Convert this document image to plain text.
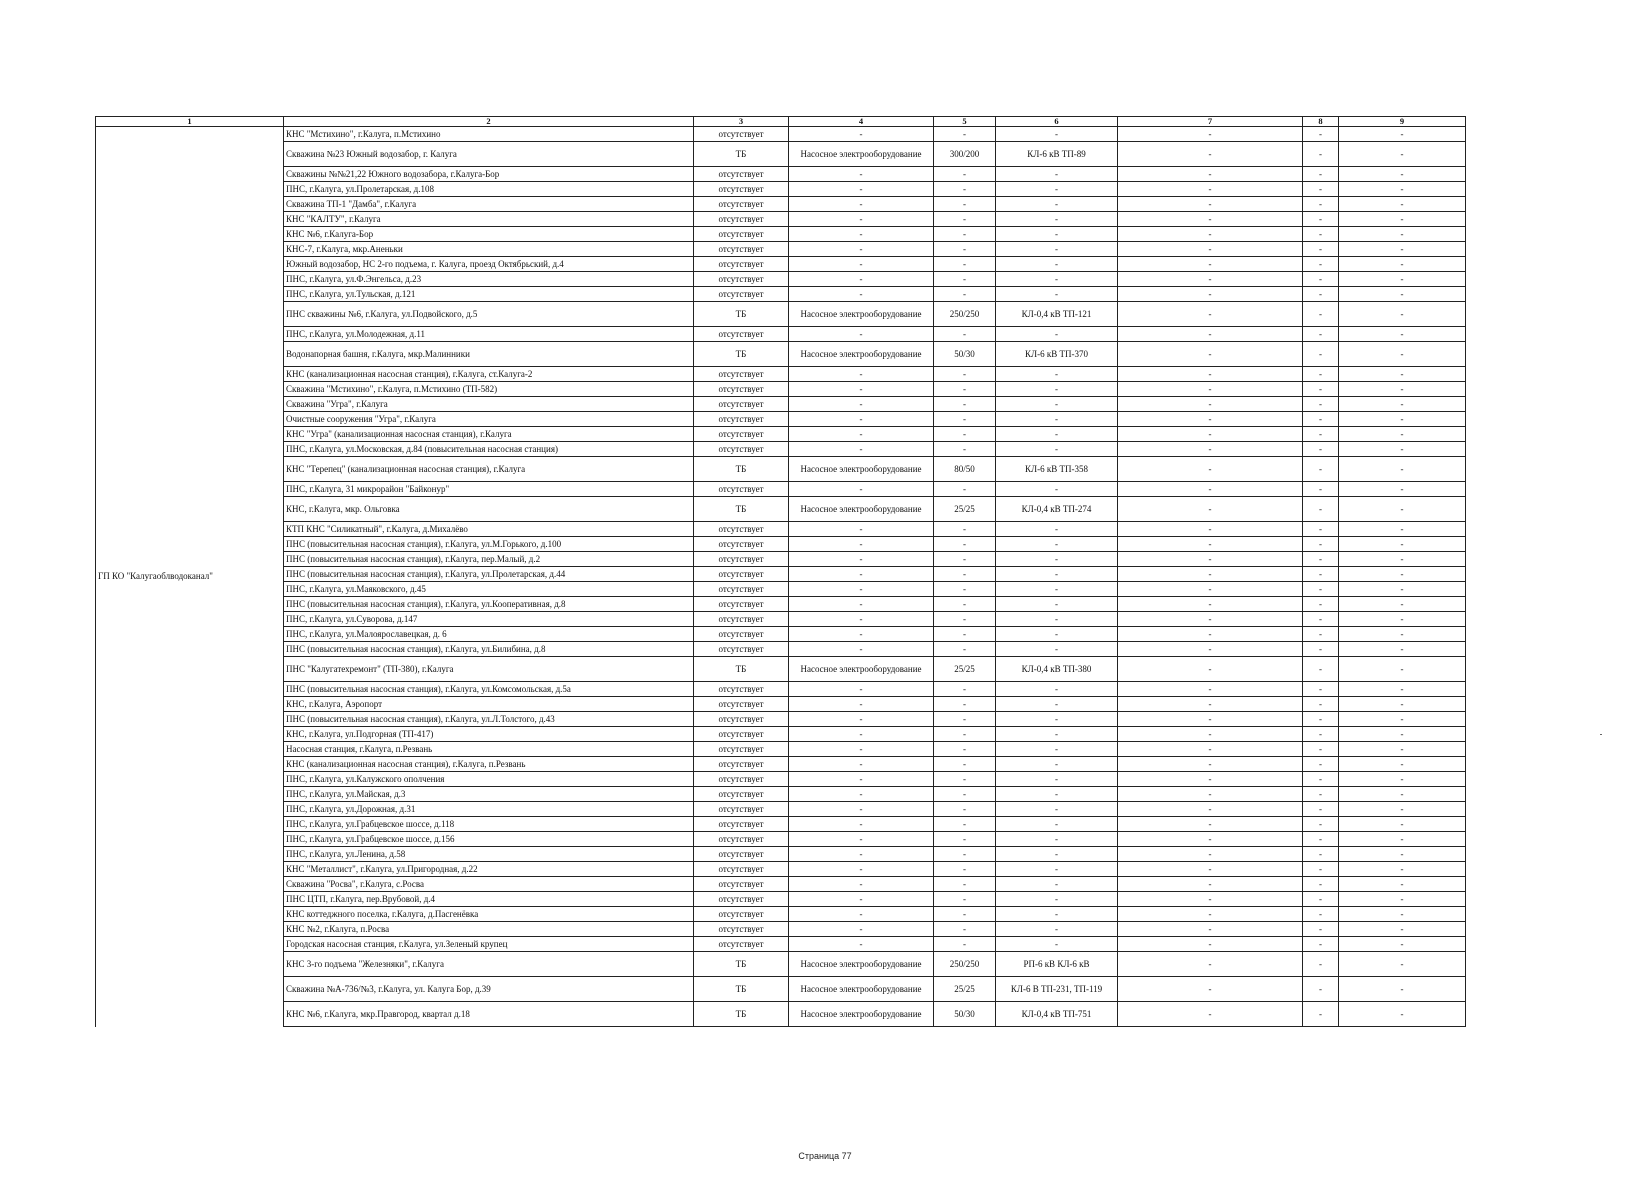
1	2	3	4	5	6	7	8	9
ГП КО "Калугаоблводоканал"	КНС "Мстихино", г.Калуга, п.Мстихино	отсутствует	-	-	-	-	-	-
	Скважина №23 Южный водозабор, г. Калуга	ТБ	Насосное электрооборудование	300/200	КЛ-6 кВ ТП-89	-	-	-
	Скважины №№21,22 Южного водозабора, г.Калуга-Бор	отсутствует	-	-	-	-	-	-
	ПНС, г.Калуга, ул.Пролетарская, д.108	отсутствует	-	-	-	-	-	-
	Скважина ТП-1 "Дамба", г.Калуга	отсутствует	-	-	-	-	-	-
	КНС "КАЛТУ", г.Калуга	отсутствует	-	-	-	-	-	-
	КНС №6, г.Калуга-Бор	отсутствует	-	-	-	-	-	-
	КНС-7, г.Калуга, мкр.Аненьки	отсутствует	-	-	-	-	-	-
	Южный водозабор, НС 2-го подъема, г. Калуга, проезд Октябрьский, д.4	отсутствует	-	-	-	-	-	-
	ПНС, г.Калуга, ул.Ф.Энгельса, д.23	отсутствует	-	-	-	-	-	-
	ПНС, г.Калуга, ул.Тульская, д.121	отсутствует	-	-	-	-	-	-
	ПНС скважины №6, г.Калуга, ул.Подвойского, д.5	ТБ	Насосное электрооборудование	250/250	КЛ-0,4 кВ ТП-121	-	-	-
	ПНС, г.Калуга, ул.Молодежная, д.11	отсутствует	-	-	-	-	-	-
	Водонапорная башня, г.Калуга, мкр.Малинники	ТБ	Насосное электрооборудование	50/30	КЛ-6 кВ ТП-370	-	-	-
	КНС (канализационная насосная станция), г.Калуга, ст.Калуга-2	отсутствует	-	-	-	-	-	-
	Скважина "Мстихино", г.Калуга, п.Мстихино (ТП-582)	отсутствует	-	-	-	-	-	-
	Скважина "Угра", г.Калуга	отсутствует	-	-	-	-	-	-
	Очистные сооружения "Угра", г.Калуга	отсутствует	-	-	-	-	-	-
	КНС "Угра" (канализационная насосная станция), г.Калуга	отсутствует	-	-	-	-	-	-
	ПНС, г.Калуга, ул.Московская, д.84 (повысительная насосная станция)	отсутствует	-	-	-	-	-	-
	КНС "Терепец" (канализационная насосная станция), г.Калуга	ТБ	Насосное электрооборудование	80/50	КЛ-6 кВ ТП-358	-	-	-
	ПНС, г.Калуга, 31 микрорайон "Байконур"	отсутствует	-	-	-	-	-	-
	КНС, г.Калуга, мкр. Ольговка	ТБ	Насосное электрооборудование	25/25	КЛ-0,4 кВ ТП-274	-	-	-
	КТП КНС "Силикатный", г.Калуга, д.Михалёво	отсутствует	-	-	-	-	-	-
	ПНС (повысительная насосная станция), г.Калуга, ул.М.Горького, д.100	отсутствует	-	-	-	-	-	-
	ПНС (повысительная насосная станция), г.Калуга, пер.Малый, д.2	отсутствует	-	-	-	-	-	-
	ПНС (повысительная насосная станция), г.Калуга, ул.Пролетарская, д.44	отсутствует	-	-	-	-	-	-
	ПНС, г.Калуга, ул.Маяковского, д.45	отсутствует	-	-	-	-	-	-
	ПНС (повысительная насосная станция), г.Калуга, ул.Кооперативная, д.8	отсутствует	-	-	-	-	-	-
	ПНС, г.Калуга, ул.Суворова, д.147	отсутствует	-	-	-	-	-	-
	ПНС, г.Калуга, ул.Малоярославецкая, д. 6	отсутствует	-	-	-	-	-	-
	ПНС (повысительная насосная станция), г.Калуга, ул.Билибина, д.8	отсутствует	-	-	-	-	-	-
	ПНС "Калугатехремонт" (ТП-380), г.Калуга	ТБ	Насосное электрооборудование	25/25	КЛ-0,4 кВ ТП-380	-	-	-
	ПНС (повысительная насосная станция), г.Калуга, ул.Комсомольская, д.5а	отсутствует	-	-	-	-	-	-
	КНС, г.Калуга, Аэропорт	отсутствует	-	-	-	-	-	-
	ПНС (повысительная насосная станция), г.Калуга, ул.Л.Толстого, д.43	отсутствует	-	-	-	-	-	-
	КНС, г.Калуга, ул.Подгорная (ТП-417)	отсутствует	-	-	-	-	-	-
	Насосная станция, г.Калуга, п.Резвань	отсутствует	-	-	-	-	-	-
	КНС (канализационная насосная станция), г.Калуга, п.Резвань	отсутствует	-	-	-	-	-	-
	ПНС, г.Калуга, ул.Калужского ополчения	отсутствует	-	-	-	-	-	-
	ПНС, г.Калуга, ул.Майская, д.3	отсутствует	-	-	-	-	-	-
	ПНС, г.Калуга, ул.Дорожная, д.31	отсутствует	-	-	-	-	-	-
	ПНС, г.Калуга, ул.Грабцевское шоссе, д.118	отсутствует	-	-	-	-	-	-
	ПНС, г.Калуга, ул.Грабцевское шоссе, д.156	отсутствует	-	-	-	-	-	-
	ПНС, г.Калуга, ул.Ленина, д.58	отсутствует	-	-	-	-	-	-
	КНС "Металлист", г.Калуга, ул.Пригородная, д.22	отсутствует	-	-	-	-	-	-
	Скважина "Росва", г.Калуга, с.Росва	отсутствует	-	-	-	-	-	-
	ПНС ЦТП, г.Калуга, пер.Врубовой, д.4	отсутствует	-	-	-	-	-	-
	КНС коттеджного поселка, г.Калуга, д.Пасгенёвка	отсутствует	-	-	-	-	-	-
	КНС №2, г.Калуга, п.Росва	отсутствует	-	-	-	-	-	-
	Городская насосная станция, г.Калуга, ул.Зеленый крупец	отсутствует	-	-	-	-	-	-
	КНС 3-го подъема "Железняки", г.Калуга	ТБ	Насосное электрооборудование	250/250	РП-6 кВ КЛ-6 кВ	-	-	-
	Скважина №А-736/№3, г.Калуга, ул. Калуга Бор, д.39	ТБ	Насосное электрооборудование	25/25	КЛ-6 В ТП-231, ТП-119	-	-	-
	КНС №6, г.Калуга, мкр.Правгород, квартал д.18	ТБ	Насосное электрооборудование	50/30	КЛ-0,4 кВ ТП-751	-	-	-
Страница 77
